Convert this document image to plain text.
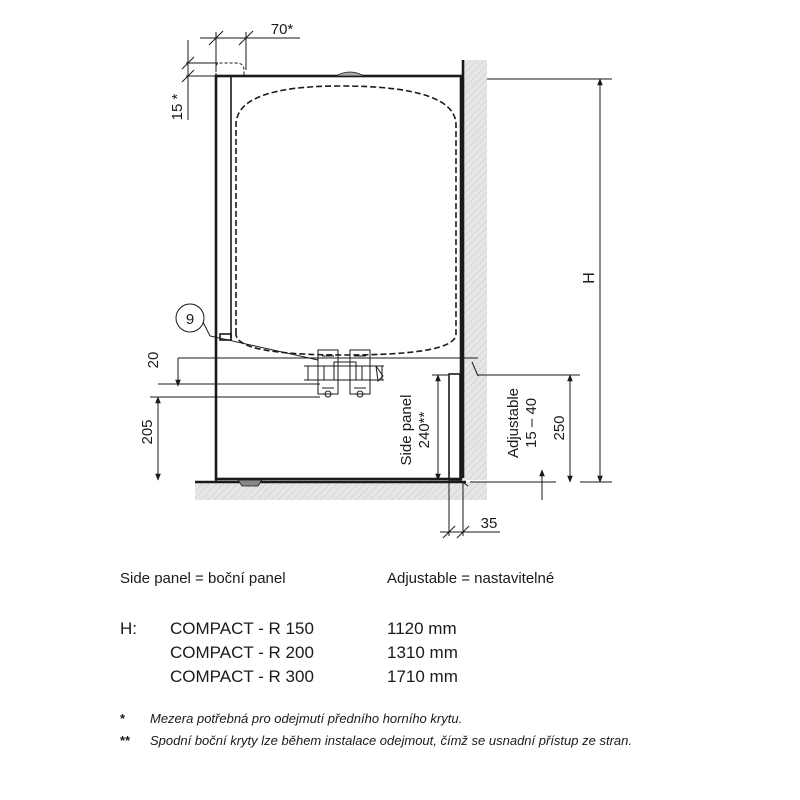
70*
15 *
9
20
205	Side panel 240**	Adjustable 15 – 40 250
H
35
Side panel = boční panel	Adjustable = nastavitelné
H: COMPACT - R 150	1120 mm
COMPACT - R 200	1310 mm
COMPACT - R 300	1710 mm
* Mezera potřebná pro odejmutí předního horního krytu.
** Spodní boční kryty lze během instalace odejmout, čímž se usnadní přístup ze stran.
